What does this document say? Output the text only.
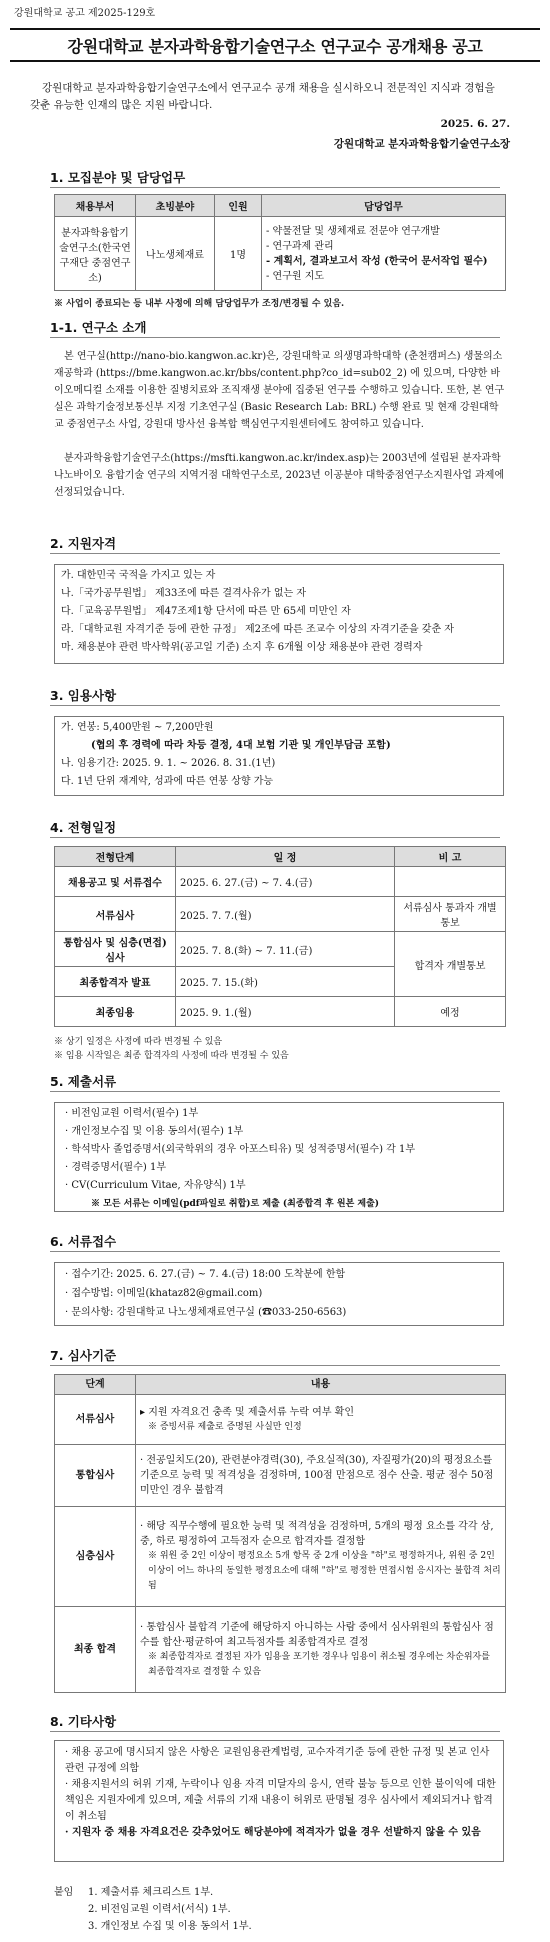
강원대학교 공고 제2025-129호
강원대학교 분자과학융합기술연구소 연구교수 공개채용 공고
강원대학교 분자과학융합기술연구소에서 연구교수 공개 채용을 실시하오니 전문적인 지식과 경험을 갖춘 유능한 인재의 많은 지원 바랍니다.
2025. 6. 27.
강원대학교 분자과학융합기술연구소장
1. 모집분야 및 담당업무
채용부서	초빙분야	인원	담당업무
분자과학융합기술연구소(한국연구재단 중점연구소)	나노생체재료	1명	- 약물전달 및 생체재료 전문야 연구개발
- 연구과제 관리
- 계획서, 결과보고서 작성 (한국어 문서작업 필수)
- 연구원 지도
※ 사업이 종료되는 등 내부 사정에 의해 담당업무가 조정/변경될 수 있음.
1-1. 연구소 소개
본 연구실(http://nano-bio.kangwon.ac.kr)은, 강원대학교 의생명과학대학 (춘천캠퍼스) 생물의소재공학과 (https://bme.kangwon.ac.kr/bbs/content.php?co_id=sub02_2) 에 있으며, 다양한 바이오메디컬 소재를 이용한 질병치료와 조직재생 분야에 집중된 연구를 수행하고 있습니다. 또한, 본 연구실은 과학기술정보통신부 지정 기초연구실 (Basic Research Lab: BRL) 수행 완료 및 현재 강원대학교 중점연구소 사업, 강원대 방사선 융복합 핵심연구지원센터에도 참여하고 있습니다.
분자과학융합기술연구소(https://msfti.kangwon.ac.kr/index.asp)는 2003년에 설립된 분자과학 나노바이오 융합기술 연구의 지역거점 대학연구소로, 2023년 이공분야 대학중점연구소지원사업 과제에 선정되었습니다.
2. 지원자격
가. 대한민국 국적을 가지고 있는 자
나.「국가공무원법」 제33조에 따른 결격사유가 없는 자
다.「교육공무원법」 제47조제1항 단서에 따른 만 65세 미만인 자
라.「대학교원 자격기준 등에 관한 규정」 제2조에 따른 조교수 이상의 자격기준을 갖춘 자
마. 채용분야 관련 박사학위(공고일 기준) 소지 후 6개월 이상 채용분야 관련 경력자
3. 임용사항
가. 연봉: 5,400만원 ~ 7,200만원
(협의 후 경력에 따라 차등 결정, 4대 보험 기관 및 개인부담금 포함)
나. 임용기간: 2025. 9. 1. ~ 2026. 8. 31.(1년)
다. 1년 단위 재계약, 성과에 따른 연봉 상향 가능
4. 전형일정
전형단계	일 정	비 고
채용공고 및 서류접수	2025. 6. 27.(금) ~ 7. 4.(금)	
서류심사	2025. 7. 7.(월)	서류심사 통과자 개별통보
통합심사 및 심층(면접)심사	2025. 7. 8.(화) ~ 7. 11.(금)	합격자 개별통보
최종합격자 발표	2025. 7. 15.(화)	
최종임용	2025. 9. 1.(월)	예정
※ 상기 일정은 사정에 따라 변경될 수 있음
※ 임용 시작일은 최종 합격자의 사정에 따라 변경될 수 있음
5. 제출서류
· 비전임교원 이력서(필수) 1부
· 개인정보수집 및 이용 동의서(필수) 1부
· 학석박사 졸업증명서(외국학위의 경우 아포스티유) 및 성적증명서(필수) 각 1부
· 경력증명서(필수) 1부
· CV(Curriculum Vitae, 자유양식) 1부
※ 모든 서류는 이메일(pdf파일로 취합)로 제출 (최종합격 후 원본 제출)
6. 서류접수
· 접수기간: 2025. 6. 27.(금) ~ 7. 4.(금) 18:00 도착분에 한함
· 접수방법: 이메일(khataz82@gmail.com)
· 문의사항: 강원대학교 나노생체재료연구실 (☎033-250-6563)
7. 심사기준
단계	내용
서류심사	▸ 지원 자격요건 충족 및 제출서류 누락 여부 확인
※ 증빙서류 제출로 증명된 사실만 인정

통합심사	· 전공일치도(20), 관련분야경력(30), 주요실적(30), 자질평가(20)의 평정요소를 기준으로 능력 및 적격성을 검정하며, 100점 만점으로 점수 산출. 평균 점수 50점 미만인 경우 불합격
심층심사	· 해당 직무수행에 필요한 능력 및 적격성을 검정하며, 5개의 평정 요소를 각각 상, 중, 하로 평정하여 고득점자 순으로 합격자를 결정함
※ 위원 중 2인 이상이 평정요소 5개 항목 중 2개 이상을 "하"로 평정하거나, 위원 중 2인 이상이 어느 하나의 동일한 평정요소에 대해 "하"로 평정한 면접시험 응시자는 불합격 처리됨

최종 합격	· 통합심사 불합격 기준에 해당하지 아니하는 사람 중에서 심사위원의 통합심사 점수를 합산·평균하여 최고득점자를 최종합격자로 결정
※ 최종합격자로 결정된 자가 임용을 포기한 경우나 임용이 취소될 경우에는 차순위자를 최종합격자로 결정할 수 있음
8. 기타사항
· 채용 공고에 명시되지 않은 사항은 교원임용관계법령, 교수자격기준 등에 관한 규정 및 본교 인사 관련 규정에 의함
· 채용지원서의 허위 기재, 누락이나 임용 자격 미달자의 응시, 연락 불능 등으로 인한 불이익에 대한 책임은 지원자에게 있으며, 제출 서류의 기재 내용이 허위로 판명될 경우 심사에서 제외되거나 합격이 취소됨
· 지원자 중 채용 자격요건은 갖추었어도 해당분야에 적격자가 없을 경우 선발하지 않을 수 있음
붙임	1. 제출서류 체크리스트 1부.
2. 비전임교원 이력서(서식) 1부.
3. 개인정보 수집 및 이용 동의서 1부.
